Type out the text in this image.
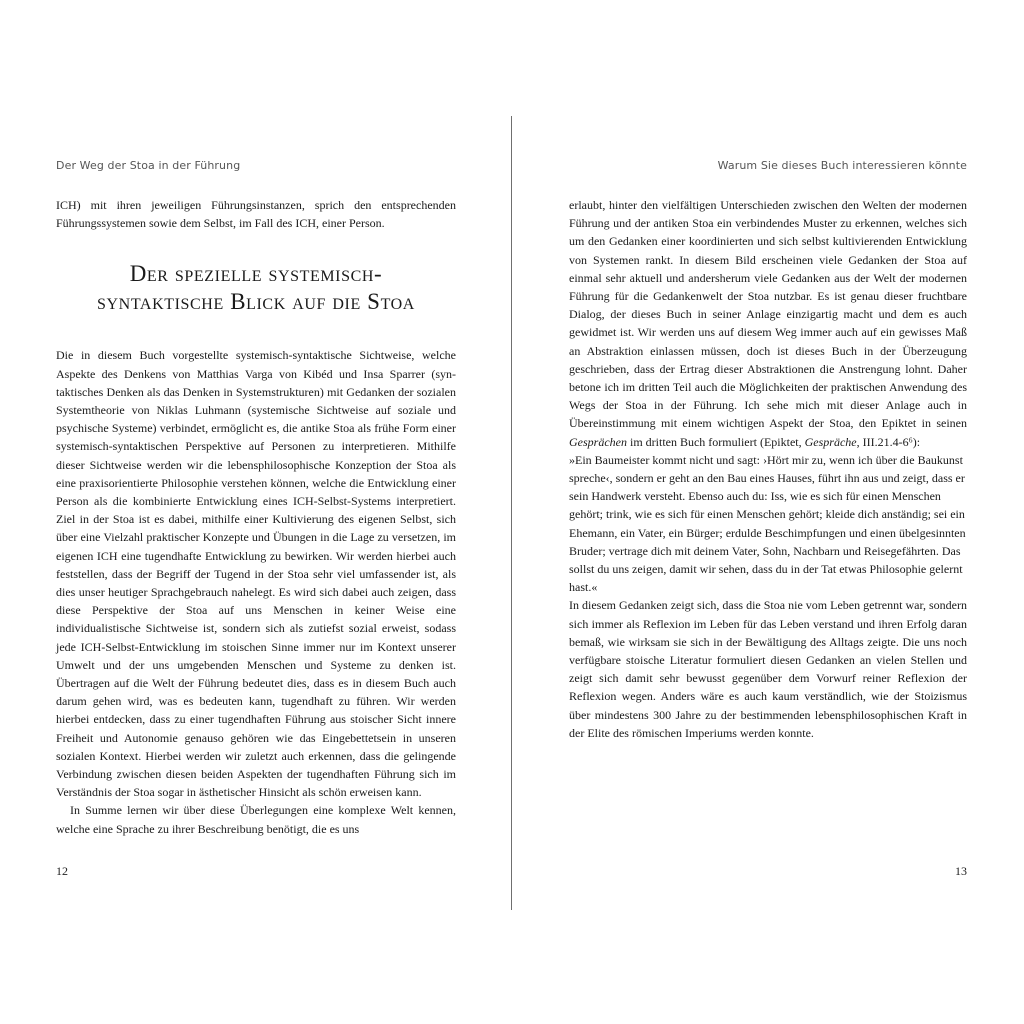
Der Weg der Stoa in der Führung

ICH) mit ihren jeweiligen Führungsinstanzen, sprich den entsprechenden Führungssystemen sowie dem Selbst, im Fall des ICH, einer Person.

Der spezielle systemisch-
syntaktische Blick auf die Stoa

Die in diesem Buch vorgestellte systemisch-syntaktische Sichtweise, welche Aspekte des Denkens von Matthias Varga von Kibéd und Insa Sparrer (syntaktisches Denken als das Denken in Systemstrukturen) mit Gedanken der sozialen Systemtheorie von Niklas Luhmann (systemische Sichtweise auf soziale und psychische Systeme) verbindet, ermöglicht es, die antike Stoa als frühe Form einer systemisch-syntaktischen Perspektive auf Personen zu interpretieren. Mithilfe dieser Sichtweise werden wir die lebensphilosophische Konzeption der Stoa als eine praxisorientierte Philosophie verstehen können, welche die Entwicklung einer Person als die kombinierte Entwicklung eines ICH-Selbst-Systems interpretiert. Ziel in der Stoa ist es dabei, mithilfe einer Kultivierung des eigenen Selbst, sich über eine Vielzahl praktischer Konzepte und Übungen in die Lage zu versetzen, im eigenen ICH eine tugendhafte Entwicklung zu bewirken. Wir werden hierbei auch feststellen, dass der Begriff der Tugend in der Stoa sehr viel umfassender ist, als dies unser heutiger Sprachgebrauch nahelegt. Es wird sich dabei auch zeigen, dass diese Perspektive der Stoa auf uns Menschen in keiner Weise eine individualistische Sichtweise ist, sondern sich als zutiefst sozial erweist, sodass jede ICH-Selbst-Entwicklung im stoischen Sinne immer nur im Kontext unserer Umwelt und der uns umgebenden Menschen und Systeme zu denken ist. Übertragen auf die Welt der Führung bedeutet dies, dass es in diesem Buch auch darum gehen wird, was es bedeuten kann, tugendhaft zu führen. Wir werden hierbei entdecken, dass zu einer tugendhaften Führung aus stoischer Sicht innere Freiheit und Autonomie genauso gehören wie das Eingebettetsein in unseren sozialen Kontext. Hierbei werden wir zuletzt auch erkennen, dass die gelingende Verbindung zwischen diesen beiden Aspekten der tugendhaften Führung sich im Verständnis der Stoa sogar in ästhetischer Hinsicht als schön erweisen kann.

In Summe lernen wir über diese Überlegungen eine komplexe Welt kennen, welche eine Sprache zu ihrer Beschreibung benötigt, die es uns

12
Warum Sie dieses Buch interessieren könnte

erlaubt, hinter den vielfältigen Unterschieden zwischen den Welten der modernen Führung und der antiken Stoa ein verbindendes Muster zu erkennen, welches sich um den Gedanken einer koordinierten und sich selbst kultivierenden Entwicklung von Systemen rankt. In diesem Bild erscheinen viele Gedanken der Stoa auf einmal sehr aktuell und andersherum viele Gedanken aus der Welt der modernen Führung für die Gedankenwelt der Stoa nutzbar. Es ist genau dieser fruchtbare Dialog, der dieses Buch in seiner Anlage einzigartig macht und dem es auch gewidmet ist. Wir werden uns auf diesem Weg immer auch auf ein gewisses Maß an Abstraktion einlassen müssen, doch ist dieses Buch in der Überzeugung geschrieben, dass der Ertrag dieser Abstraktionen die Anstrengung lohnt. Daher betone ich im dritten Teil auch die Möglichkeiten der praktischen Anwendung des Wegs der Stoa in der Führung. Ich sehe mich mit dieser Anlage auch in Übereinstimmung mit einem wichtigen Aspekt der Stoa, den Epiktet in seinen Gesprächen im dritten Buch formuliert (Epiktet, Gespräche, III.21.4-6⁶):

»Ein Baumeister kommt nicht und sagt: ›Hört mir zu, wenn ich über die Baukunst spreche‹, sondern er geht an den Bau eines Hauses, führt ihn aus und zeigt, dass er sein Handwerk versteht. Ebenso auch du: Iss, wie es sich für einen Menschen gehört; trink, wie es sich für einen Menschen gehört; kleide dich anständig; sei ein Ehemann, ein Vater, ein Bürger; erdulde Beschimpfungen und einen übelgesinnten Bruder; vertrage dich mit deinem Vater, Sohn, Nachbarn und Reisegefährten. Das sollst du uns zeigen, damit wir sehen, dass du in der Tat etwas Philosophie gelernt hast.«

In diesem Gedanken zeigt sich, dass die Stoa nie vom Leben getrennt war, sondern sich immer als Reflexion im Leben für das Leben verstand und ihren Erfolg daran bemaß, wie wirksam sie sich in der Bewältigung des Alltags zeigte. Die uns noch verfügbare stoische Literatur formuliert diesen Gedanken an vielen Stellen und zeigt sich damit sehr bewusst gegenüber dem Vorwurf reiner Reflexion der Reflexion wegen. Anders wäre es auch kaum verständlich, wie der Stoizismus über mindestens 300 Jahre zu der bestimmenden lebensphilosophischen Kraft in der Elite des römischen Imperiums werden konnte.

13
